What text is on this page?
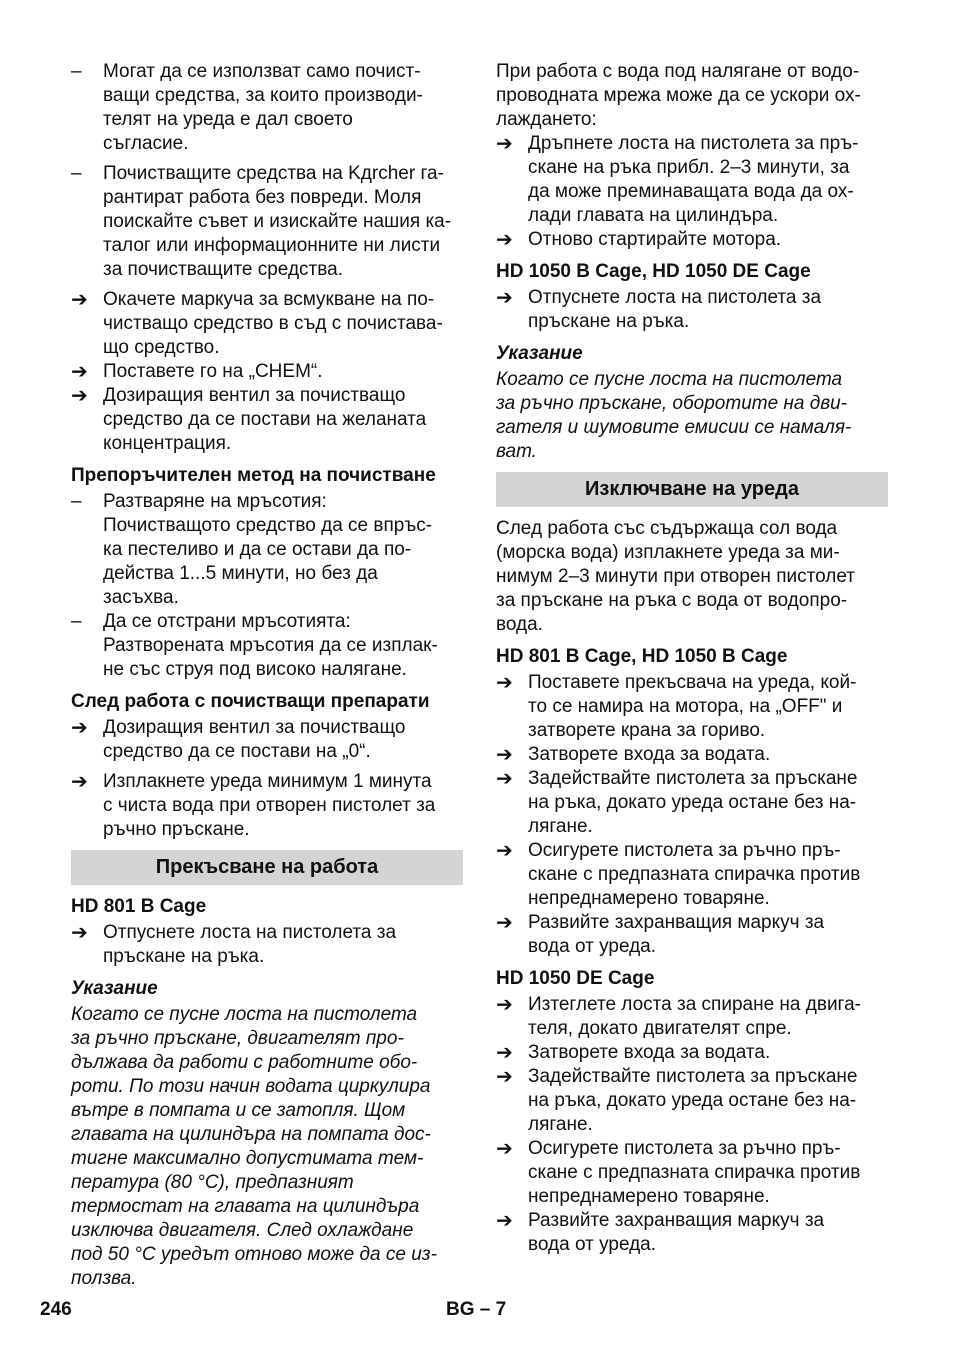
–	Могат да се използват само почист-
ващи средства, за които производи-
телят на уреда е дал своето
съгласие.

–	Почистващите средства на Kдrcher га-
рантират работа без повреди. Моля
поискайте съвет и изискайте нашия ка-
талог или информационните ни листи
за почистващите средства.

➔ Окачете маркуча за всмукване на по-
чистващо средство в съд с почистава-
що средство.

➔ Поставете го на „CHEM“.

➔ Дозиращия вентил за почистващо
средство да се постави на желаната
концентрация.

Препоръчителен метод на почистване

–	Разтваряне на мръсотия:
Почистващото средство да се впръс-
ка пестеливо и да се остави да по-
действа 1...5 минути, но без да
засъхва.

–	Да се отстрани мръсотията:
Разтворената мръсотия да се изплак-
не със струя под високо налягане.

След работа с почистващи препарати

➔ Дозиращия вентил за почистващо
средство да се постави на „0“.

➔ Изплакнете уреда минимум 1 минута
с чиста вода при отворен пистолет за
ръчно пръскане.

Прекъсване на работа

HD 801 B Cage

➔ Отпуснете лоста на пистолета за
пръскане на ръка.

Указание

Когато се пусне лоста на пистолета
за ръчно пръскане, двигателят про-
дължава да работи с работните обо-
роти. По този начин водата циркулира
вътре в помпата и се затопля. Щом
главата на цилиндъра на помпата дос-
тигне максимално допустимата тем-
пература (80 °C), предпазният
термостат на главата на цилиндъра
изключва двигателя. След охлаждане
под 50 °C уредът отново може да се из-
ползва.

При работа с вода под налягане от водо-
проводната мрежа може да се ускори ох-
лаждането:

➔ Дръпнете лоста на пистолета за пръ-
скане на ръка прибл. 2–3 минути, за
да може преминаващата вода да ох-
лади главата на цилиндъра.

➔ Отново стартирайте мотора.

HD 1050 B Cage, HD 1050 DE Cage

➔ Отпуснете лоста на пистолета за
пръскане на ръка.

Указание

Когато се пусне лоста на пистолета
за ръчно пръскане, оборотите на дви-
гателя и шумовите емисии се намаля-
ват.

Изключване на уреда

След работа със съдържаща сол вода
(морска вода) изплакнете уреда за ми-
нимум 2–3 минути при отворен пистолет
за пръскане на ръка с вода от водопро-
вода.

HD 801 B Cage, HD 1050 B Cage

➔ Поставете прекъсвача на уреда, кой-
то се намира на мотора, на „OFF" и
затворете крана за гориво.

➔ Затворете входа за водата.

➔ Задействайте пистолета за пръскане
на ръка, докато уреда остане без на-
лягане.

➔ Осигурете пистолета за ръчно пръ-
скане с предпазната спирачка против
непреднамерено товаряне.

➔ Развийте захранващия маркуч за
вода от уреда.

HD 1050 DE Cage

➔ Изтеглете лоста за спиране на двига-
теля, докато двигателят спре.

➔ Затворете входа за водата.

➔ Задействайте пистолета за пръскане
на ръка, докато уреда остане без на-
лягане.

➔ Осигурете пистолета за ръчно пръ-
скане с предпазната спирачка против
непреднамерено товаряне.

➔ Развийте захранващия маркуч за
вода от уреда.

246	BG – 7
